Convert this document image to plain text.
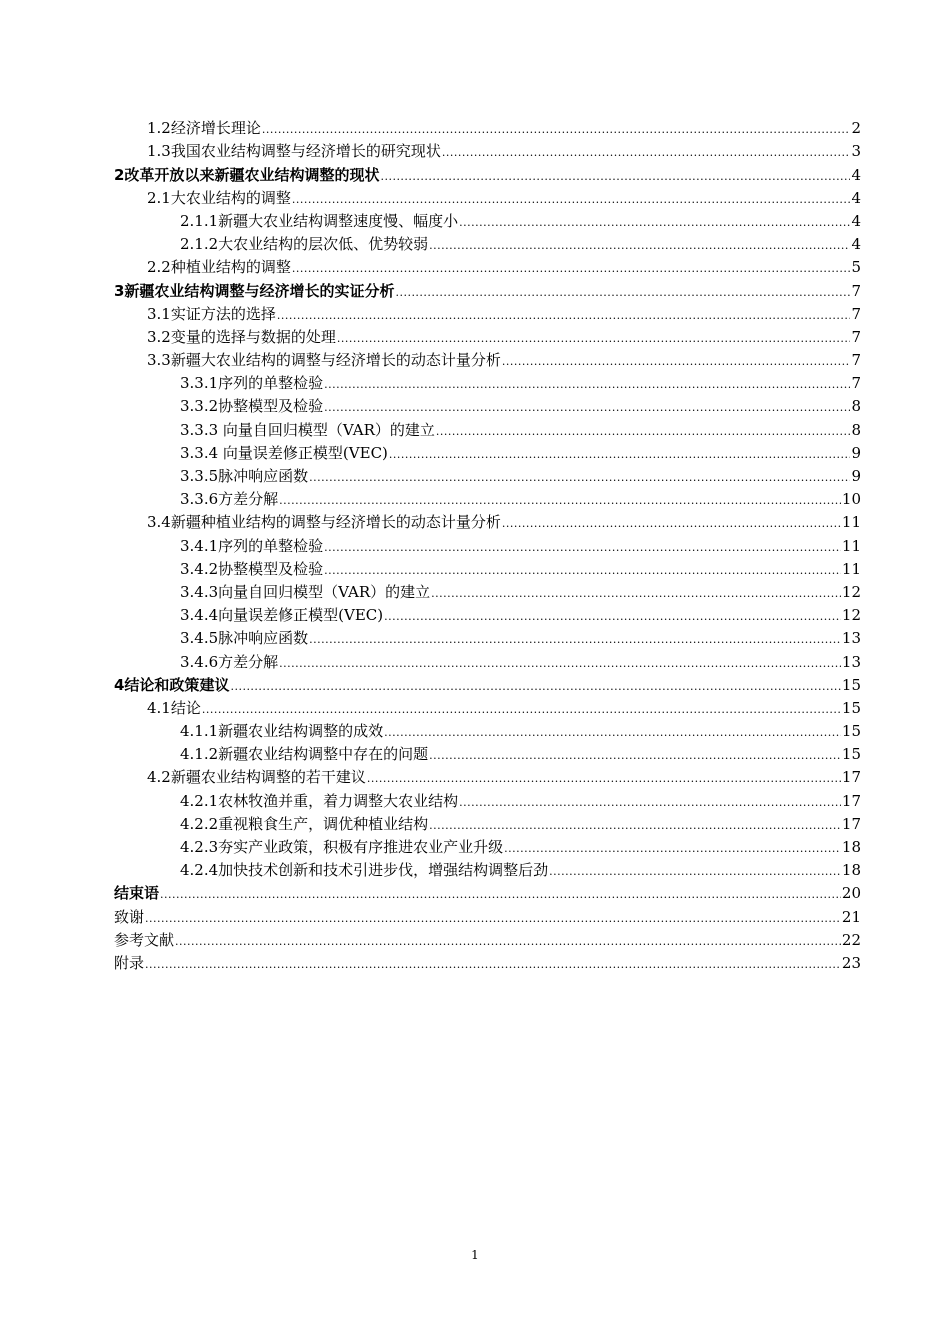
1.2经济增长理论 .....	2
1.3我国农业结构调整与经济增长的研究现状 .....	3
2改革开放以来新疆农业结构调整的现状 .....	4
2.1大农业结构的调整 .....	4
2.1.1新疆大农业结构调整速度慢、幅度小 .....	4
2.1.2大农业结构的层次低、优势较弱 .....	4
2.2种植业结构的调整 .....	5
3新疆农业结构调整与经济增长的实证分析 .....	7
3.1实证方法的选择 .....	7
3.2变量的选择与数据的处理 .....	7
3.3新疆大农业结构的调整与经济增长的动态计量分析 .....	7
3.3.1序列的单整检验 .....	7
3.3.2协整模型及检验 .....	8
3.3.3 向量自回归模型（VAR）的建立 .....	8
3.3.4 向量误差修正模型(VEC) .....	9
3.3.5脉冲响应函数 .....	9
3.3.6方差分解 .....	10
3.4新疆种植业结构的调整与经济增长的动态计量分析 .....	11
3.4.1序列的单整检验 .....	11
3.4.2协整模型及检验 .....	11
3.4.3向量自回归模型（VAR）的建立 .....	12
3.4.4向量误差修正模型(VEC) .....	12
3.4.5脉冲响应函数 .....	13
3.4.6方差分解 .....	13
4结论和政策建议 .....	15
4.1结论 .....	15
4.1.1新疆农业结构调整的成效 .....	15
4.1.2新疆农业结构调整中存在的问题 .....	15
4.2新疆农业结构调整的若干建议 .....	17
4.2.1农林牧渔并重，着力调整大农业结构 .....	17
4.2.2重视粮食生产，调优种植业结构 .....	17
4.2.3夯实产业政策，积极有序推进农业产业升级 .....	18
4.2.4加快技术创新和技术引进步伐，增强结构调整后劲 .....	18
结束语 .....	20
致谢 .....	21
参考文献 .....	22
附录 .....	23
1
